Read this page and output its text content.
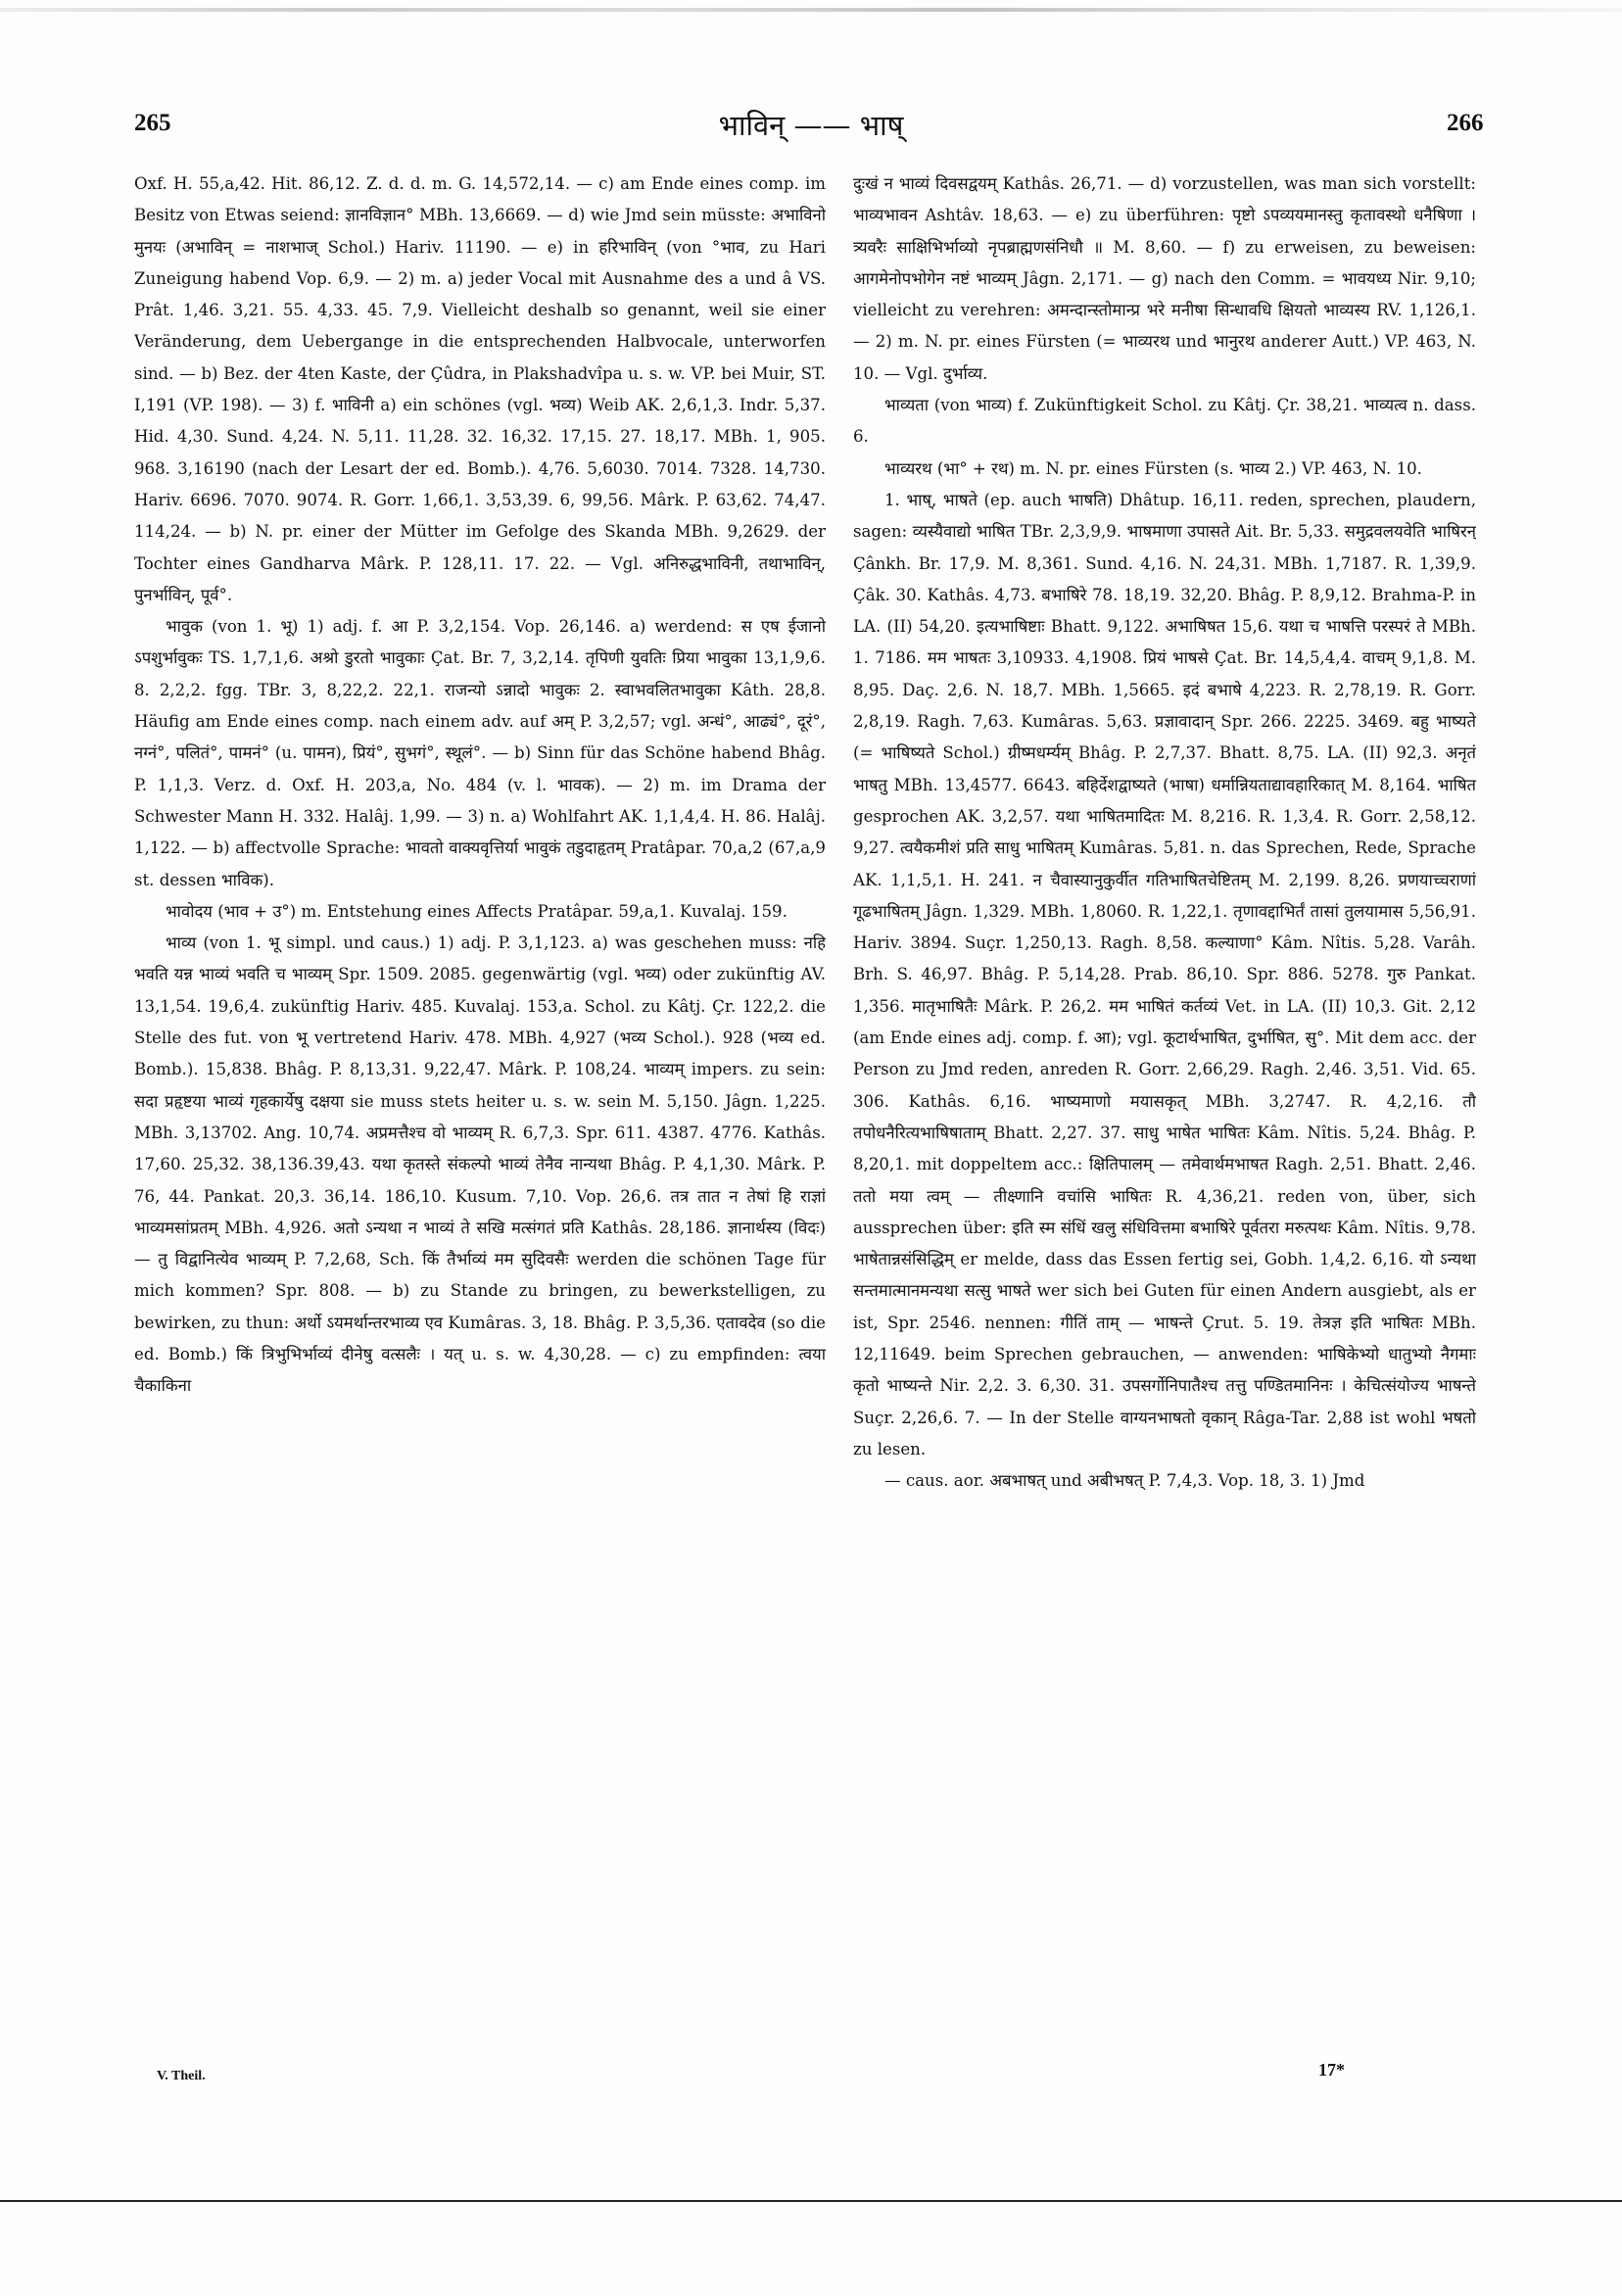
265	भाविन् —— भाष्	266

Oxf. H. 55,a,42. Hit. 86,12. Z. d. d. m. G. 14,572,14. — c) am Ende eines comp. im Besitz von Etwas seiend: ज्ञानविज्ञान° MBh. 13,6669. — d) wie Jmd sein müsste: अभाविनो मुनयः (अभाविन् = नाशभाज् Schol.) Hariv. 11190. — e) in हरिभाविन् (von °भाव, zu Hari Zuneigung habend Vop. 6,9. — 2) m. a) jeder Vocal mit Ausnahme des a und â VS. Prât. 1,46. 3,21. 55. 4,33. 45. 7,9. Vielleicht deshalb so genannt, weil sie einer Veränderung, dem Uebergange in die entsprechenden Halbvocale, unterworfen sind. — b) Bez. der 4ten Kaste, der Çûdra, in Plakshadvîpa u. s. w. VP. bei Muir, ST. I,191 (VP. 198). — 3) f. भाविनी a) ein schönes (vgl. भव्य) Weib AK. 2,6,1,3. Indr. 5,37. Hid. 4,30. Sund. 4,24. N. 5,11. 11,28. 32. 16,32. 17,15. 27. 18,17. MBh. 1, 905. 968. 3,16190 (nach der Lesart der ed. Bomb.). 4,76. 5,6030. 7014. 7328. 14,730. Hariv. 6696. 7070. 9074. R. Gorr. 1,66,1. 3,53,39. 6, 99,56. Mârk. P. 63,62. 74,47. 114,24. — b) N. pr. einer der Mütter im Gefolge des Skanda MBh. 9,2629. der Tochter eines Gandharva Mârk. P. 128,11. 17. 22. — Vgl. अनिरुद्धभाविनी, तथाभाविन्, पुनर्भाविन्, पूर्व°.

भावुक (von 1. भू) 1) adj. f. आ P. 3,2,154. Vop. 26,146. a) werdend: स एष ईजानो ऽपशुर्भावुकः TS. 1,7,1,6. अश्रो डुरतो भावुकाः Çat. Br. 7, 3,2,14. तृपिणी युवतिः प्रिया भावुका 13,1,9,6. 8. 2,2,2. fgg. TBr. 3, 8,22,2. 22,1. राजन्यो ऽन्नादो भावुकः 2. स्वाभवलितभावुका Kâth. 28,8. Häufig am Ende eines comp. nach einem adv. auf अम् P. 3,2,57; vgl. अन्धं°, आढ्यं°, दूरं°, नग्नं°, पलितं°, पामनं° (u. पामन), प्रियं°, सुभगं°, स्थूलं°. — b) Sinn für das Schöne habend Bhâg. P. 1,1,3. Verz. d. Oxf. H. 203,a, No. 484 (v. l. भावक). — 2) m. im Drama der Schwester Mann H. 332. Halâj. 1,99. — 3) n. a) Wohlfahrt AK. 1,1,4,4. H. 86. Halâj. 1,122. — b) affectvolle Sprache: भावतो वाक्यवृत्तिर्या भावुकं तडुदाहृतम् Pratâpar. 70,a,2 (67,a,9 st. dessen भाविक).

भावोदय (भाव + उ°) m. Entstehung eines Affects Pratâpar. 59,a,1. Kuvalaj. 159.

भाव्य (von 1. भू simpl. und caus.) 1) adj. P. 3,1,123. a) was geschehen muss: नहि भवति यन्न भाव्यं भवति च भाव्यम् Spr. 1509. 2085. gegenwärtig (vgl. भव्य) oder zukünftig AV. 13,1,54. 19,6,4. zukünftig Hariv. 485. Kuvalaj. 153,a. Schol. zu Kâtj. Çr. 122,2. die Stelle des fut. von भू vertretend Hariv. 478. MBh. 4,927 (भव्य Schol.). 928 (भव्य ed. Bomb.). 15,838. Bhâg. P. 8,13,31. 9,22,47. Mârk. P. 108,24. भाव्यम् impers. zu sein: सदा प्रहृष्टया भाव्यं गृहकार्येषु दक्षया sie muss stets heiter u. s. w. sein M. 5,150. Jâgn. 1,225. MBh. 3,13702. Ang. 10,74. अप्रमत्तैश्च वो भाव्यम् R. 6,7,3. Spr. 611. 4387. 4776. Kathâs. 17,60. 25,32. 38,136.39,43. यथा कृतस्ते संकल्पो भाव्यं तेनैव नान्यथा Bhâg. P. 4,1,30. Mârk. P. 76, 44. Pankat. 20,3. 36,14. 186,10. Kusum. 7,10. Vop. 26,6. तत्र तात न तेषां हि राज्ञां भाव्यमसांप्रतम् MBh. 4,926. अतो ऽन्यथा न भाव्यं ते सखि मत्संगतं प्रति Kathâs. 28,186. ज्ञानार्थस्य (विदः) — तु विद्वानित्येव भाव्यम् P. 7,2,68, Sch. किं तैर्भाव्यं मम सुदिवसैः werden die schönen Tage für mich kommen? Spr. 808. — b) zu Stande zu bringen, zu bewerkstelligen, zu bewirken, zu thun: अर्थो ऽयमर्थान्तरभाव्य एव Kumâras. 3, 18. Bhâg. P. 3,5,36. एतावदेव (so die ed. Bomb.) किं त्रिभुभिर्भाव्यं दीनेषु वत्सलैः । यत् u. s. w. 4,30,28. — c) zu empfinden: त्वया चैकाकिना

दुःखं न भाव्यं दिवसद्वयम् Kathâs. 26,71. — d) vorzustellen, was man sich vorstellt: भाव्यभावन Ashtâv. 18,63. — e) zu überführen: पृष्टो ऽपव्ययमानस्तु कृतावस्थो धनैषिणा । त्र्यवरैः साक्षिभिर्भाव्यो नृपब्राह्मणसंनिधौ ॥ M. 8,60. — f) zu erweisen, zu beweisen: आगमेनोपभोगेन नष्टं भाव्यम् Jâgn. 2,171. — g) nach den Comm. = भावयध्य Nir. 9,10; vielleicht zu verehren: अमन्दान्स्तोमान्प्र भरे मनीषा सिन्धावधि क्षियतो भाव्यस्य RV. 1,126,1. — 2) m. N. pr. eines Fürsten (= भाव्यरथ und भानुरथ anderer Autt.) VP. 463, N. 10. — Vgl. दुर्भाव्य.

भाव्यता (von भाव्य) f. Zukünftigkeit Schol. zu Kâtj. Çr. 38,21. भाव्यत्व n. dass. 6.

भाव्यरथ (भा° + रथ) m. N. pr. eines Fürsten (s. भाव्य 2.) VP. 463, N. 10.

1. भाष्, भाषते (ep. auch भाषति) Dhâtup. 16,11. reden, sprechen, plaudern, sagen: व्यस्यैवाद्यो भाषित TBr. 2,3,9,9. भाषमाणा उपासते Ait. Br. 5,33. समुद्रवलयवेति भाषिरन् Çânkh. Br. 17,9. M. 8,361. Sund. 4,16. N. 24,31. MBh. 1,7187. R. 1,39,9. Çâk. 30. Kathâs. 4,73. बभाषिरे 78. 18,19. 32,20. Bhâg. P. 8,9,12. Brahma-P. in LA. (II) 54,20. इत्यभाषिष्टाः Bhatt. 9,122. अभाषिषत 15,6. यथा च भाषत्ति परस्परं ते MBh. 1. 7186. मम भाषतः 3,10933. 4,1908. प्रियं भाषसे Çat. Br. 14,5,4,4. वाचम् 9,1,8. M. 8,95. Daç. 2,6. N. 18,7. MBh. 1,5665. इदं बभाषे 4,223. R. 2,78,19. R. Gorr. 2,8,19. Ragh. 7,63. Kumâras. 5,63. प्रज्ञावादान् Spr. 266. 2225. 3469. बहु भाष्यते (= भाषिष्यते Schol.) ग्रीष्मधर्म्यम् Bhâg. P. 2,7,37. Bhatt. 8,75. LA. (II) 92,3. अनृतं भाषतु MBh. 13,4577. 6643. बहिर्देशद्वाष्यते (भाषा) धर्मान्नियताद्यावहारिकात् M. 8,164. भाषित gesprochen AK. 3,2,57. यथा भाषितमादितः M. 8,216. R. 1,3,4. R. Gorr. 2,58,12. 9,27. त्वयैकमीशं प्रति साधु भाषितम् Kumâras. 5,81. n. das Sprechen, Rede, Sprache AK. 1,1,5,1. H. 241. न चैवास्यानुकुर्वीत गतिभाषितचेष्टितम् M. 2,199. 8,26. प्रणयाच्चराणां गूढभाषितम् Jâgn. 1,329. MBh. 1,8060. R. 1,22,1. तृणावद्दाभिर्तं तासां तुलयामास 5,56,91. Hariv. 3894. Suçr. 1,250,13. Ragh. 8,58. कल्याणा° Kâm. Nîtis. 5,28. Varâh. Brh. S. 46,97. Bhâg. P. 5,14,28. Prab. 86,10. Spr. 886. 5278. गुरु Pankat. 1,356. मातृभाषितैः Mârk. P. 26,2. मम भाषितं कर्तव्यं Vet. in LA. (II) 10,3. Git. 2,12 (am Ende eines adj. comp. f. आ); vgl. कूटार्थभाषित, दुर्भाषित, सु°. Mit dem acc. der Person zu Jmd reden, anreden R. Gorr. 2,66,29. Ragh. 2,46. 3,51. Vid. 65. 306. Kathâs. 6,16. भाष्यमाणो मयासकृत् MBh. 3,2747. R. 4,2,16. तौ तपोधनैरित्यभाषिषाताम् Bhatt. 2,27. 37. साधु भाषेत भाषितः Kâm. Nîtis. 5,24. Bhâg. P. 8,20,1. mit doppeltem acc.: क्षितिपालम् — तमेवार्थमभाषत Ragh. 2,51. Bhatt. 2,46. ततो मया त्वम् — तीक्ष्णानि वचांसि भाषितः R. 4,36,21. reden von, über, sich aussprechen über: इति स्म संधिं खलु संधिवित्तमा बभाषिरे पूर्वतरा मरुत्पथः Kâm. Nîtis. 9,78. भाषेतान्नसंसिद्धिम् er melde, dass das Essen fertig sei, Gobh. 1,4,2. 6,16. यो ऽन्यथा सन्तमात्मानमन्यथा सत्सु भाषते wer sich bei Guten für einen Andern ausgiebt, als er ist, Spr. 2546. nennen: गीतिं ताम् — भाषन्ते Çrut. 5. 19. तेत्रज्ञ इति भाषितः MBh. 12,11649. beim Sprechen gebrauchen, — anwenden: भाषिकेभ्यो धातुभ्यो नैगमाः कृतो भाष्यन्ते Nir. 2,2. 3. 6,30. 31. उपसर्गोनिपातैश्च तत्तु पण्डितमानिनः । केचित्संयोज्य भाषन्ते Suçr. 2,26,6. 7. — In der Stelle वाग्यनभाषतो वृकान् Râga-Tar. 2,88 ist wohl भषतो zu lesen.

— caus. aor. अबभाषत् und अबीभषत् P. 7,4,3. Vop. 18, 3. 1) Jmd

V. Theil.	17*
